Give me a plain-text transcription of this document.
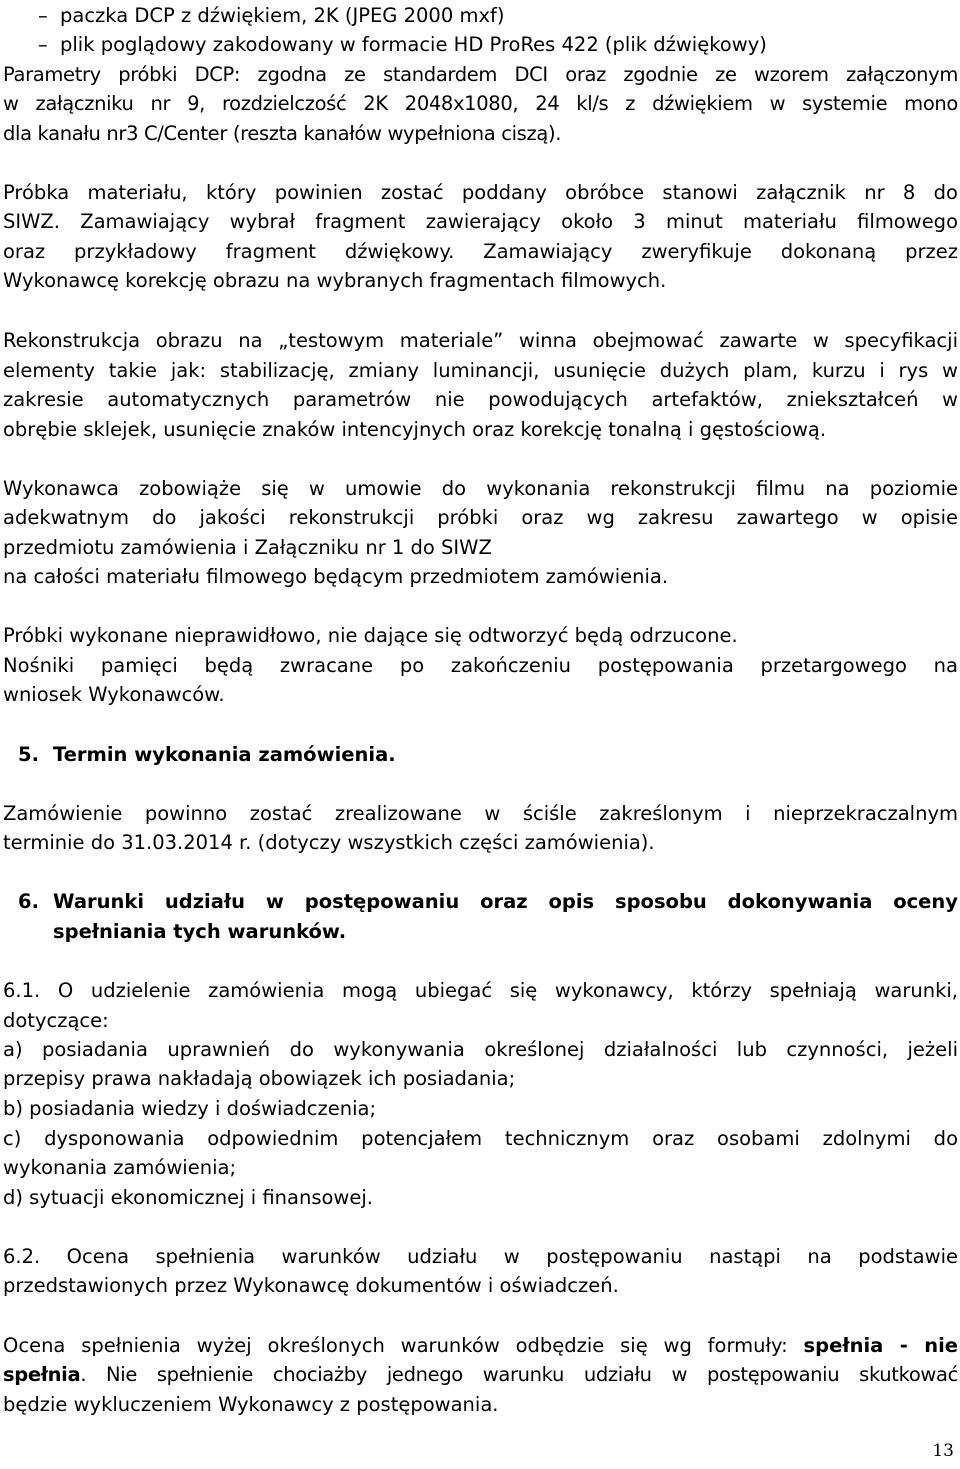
– paczka DCP z dźwiękiem, 2K (JPEG 2000 mxf)
– plik poglądowy zakodowany w formacie HD ProRes 422 (plik dźwiękowy)
Parametry próbki DCP: zgodna ze standardem DCI oraz zgodnie ze wzorem załączonym
w załączniku nr 9, rozdzielczość 2K 2048x1080, 24 kl/s z dźwiękiem w systemie mono
dla kanału nr3 C/Center (reszta kanałów wypełniona ciszą).
Próbka materiału, który powinien zostać poddany obróbce stanowi załącznik nr 8 do
SIWZ. Zamawiający wybrał fragment zawierający około 3 minut materiału filmowego
oraz przykładowy fragment dźwiękowy. Zamawiający zweryfikuje dokonaną przez
Wykonawcę korekcję obrazu na wybranych fragmentach filmowych.
Rekonstrukcja obrazu na „testowym materiale” winna obejmować zawarte w specyfikacji
elementy takie jak: stabilizację, zmiany luminancji, usunięcie dużych plam, kurzu i rys w
zakresie automatycznych parametrów nie powodujących artefaktów, zniekształceń w
obrębie sklejek, usunięcie znaków intencyjnych oraz korekcję tonalną i gęstościową.
Wykonawca zobowiąże się w umowie do wykonania rekonstrukcji filmu na poziomie
adekwatnym do jakości rekonstrukcji próbki oraz wg zakresu zawartego w opisie
przedmiotu zamówienia i Załączniku nr 1 do SIWZ
na całości materiału filmowego będącym przedmiotem zamówienia.
Próbki wykonane nieprawidłowo, nie dające się odtworzyć będą odrzucone.
Nośniki pamięci będą zwracane po zakończeniu postępowania przetargowego na
wniosek Wykonawców.
5. Termin wykonania zamówienia.
Zamówienie powinno zostać zrealizowane w ściśle zakreślonym i nieprzekraczalnym
terminie do 31.03.2014 r. (dotyczy wszystkich części zamówienia).
6. Warunki udziału w postępowaniu oraz opis sposobu dokonywania oceny
spełniania tych warunków.
6.1. O udzielenie zamówienia mogą ubiegać się wykonawcy, którzy spełniają warunki,
dotyczące:
a) posiadania uprawnień do wykonywania określonej działalności lub czynności, jeżeli
przepisy prawa nakładają obowiązek ich posiadania;
b) posiadania wiedzy i doświadczenia;
c) dysponowania odpowiednim potencjałem technicznym oraz osobami zdolnymi do
wykonania zamówienia;
d) sytuacji ekonomicznej i finansowej.
6.2. Ocena spełnienia warunków udziału w postępowaniu nastąpi na podstawie
przedstawionych przez Wykonawcę dokumentów i oświadczeń.
Ocena spełnienia wyżej określonych warunków odbędzie się wg formuły: spełnia - nie
spełnia. Nie spełnienie chociażby jednego warunku udziału w postępowaniu skutkować
będzie wykluczeniem Wykonawcy z postępowania.
13
